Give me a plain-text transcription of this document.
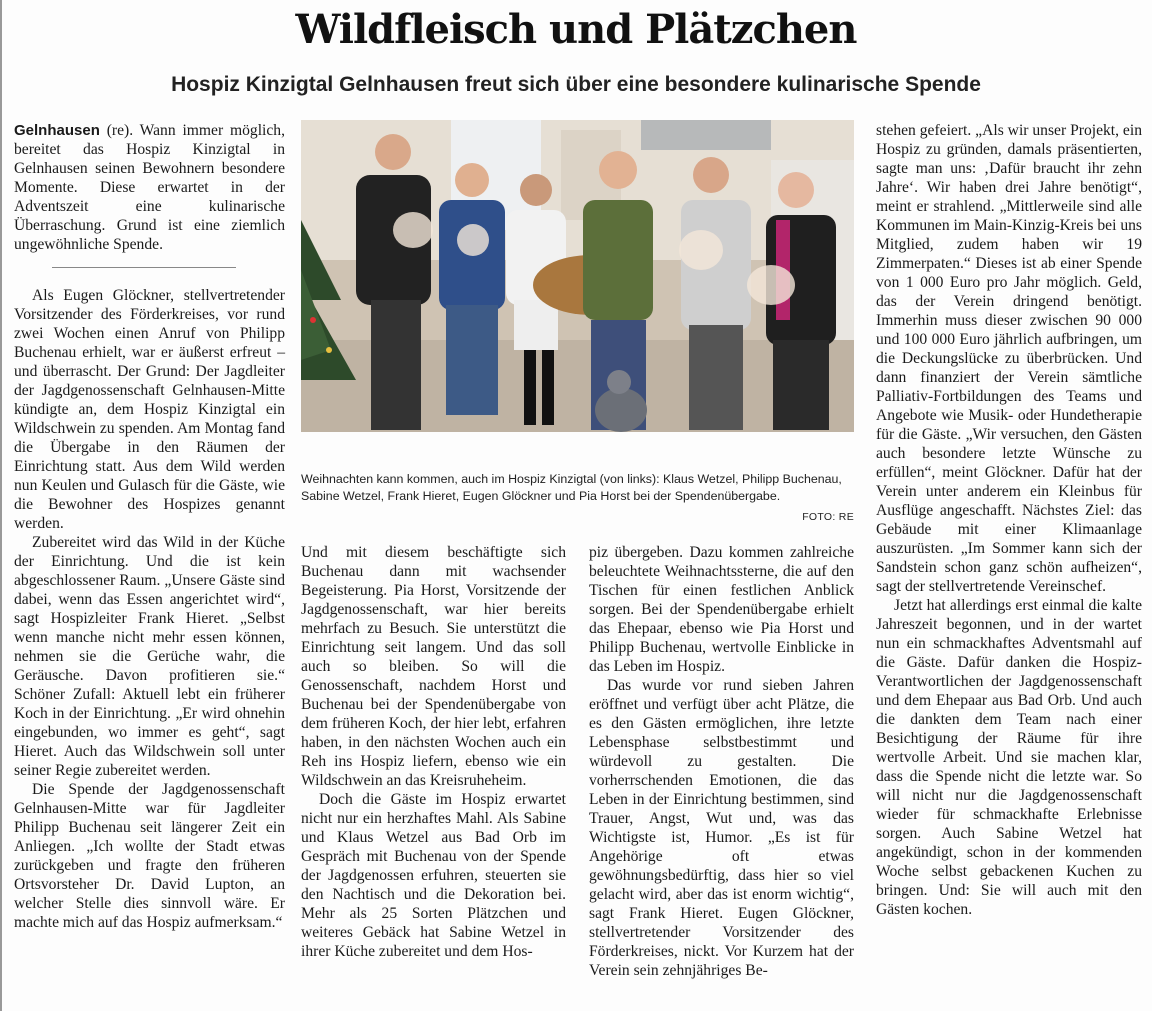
Wildfleisch und Plätzchen
Hospiz Kinzigtal Gelnhausen freut sich über eine besondere kulinarische Spende

Gelnhausen (re). Wann immer möglich, bereitet das Hospiz Kinzigtal in Gelnhausen seinen Bewohnern besondere Momente. Diese erwartet in der Adventszeit eine kulinarische Überraschung. Grund ist eine ziemlich ungewöhnliche Spende.

Als Eugen Glöckner, stellvertretender Vorsitzender des Förderkreises, vor rund zwei Wochen einen Anruf von Philipp Buchenau erhielt, war er äußerst erfreut – und überrascht. Der Grund: Der Jagdleiter der Jagdgenossenschaft Gelnhausen-Mitte kündigte an, dem Hospiz Kinzigtal ein Wildschwein zu spenden. Am Montag fand die Übergabe in den Räumen der Einrichtung statt. Aus dem Wild werden nun Keulen und Gulasch für die Gäste, wie die Bewohner des Hospizes genannt werden.

Zubereitet wird das Wild in der Küche der Einrichtung. Und die ist kein abgeschlossener Raum. „Unsere Gäste sind dabei, wenn das Essen angerichtet wird“, sagt Hospizleiter Frank Hieret. „Selbst wenn manche nicht mehr essen können, nehmen sie die Gerüche wahr, die Geräusche. Davon profitieren sie.“ Schöner Zufall: Aktuell lebt ein früherer Koch in der Einrichtung. „Er wird ohnehin eingebunden, wo immer es geht“, sagt Hieret. Auch das Wildschwein soll unter seiner Regie zubereitet werden.

Die Spende der Jagdgenossenschaft Gelnhausen-Mitte war für Jagdleiter Philipp Buchenau seit längerer Zeit ein Anliegen. „Ich wollte der Stadt etwas zurückgeben und fragte den früheren Ortsvorsteher Dr. David Lupton, an welcher Stelle dies sinnvoll wäre. Er machte mich auf das Hospiz aufmerksam.“

Weihnachten kann kommen, auch im Hospiz Kinzigtal (von links): Klaus Wetzel, Philipp Buchenau, Sabine Wetzel, Frank Hieret, Eugen Glöckner und Pia Horst bei der Spendenübergabe.
FOTO: RE

Und mit diesem beschäftigte sich Buchenau dann mit wachsender Begeisterung. Pia Horst, Vorsitzende der Jagdgenossenschaft, war hier bereits mehrfach zu Besuch. Sie unterstützt die Einrichtung seit langem. Und das soll auch so bleiben. So will die Genossenschaft, nachdem Horst und Buchenau bei der Spendenübergabe von dem früheren Koch, der hier lebt, erfahren haben, in den nächsten Wochen auch ein Reh ins Hospiz liefern, ebenso wie ein Wildschwein an das Kreisruheheim.

Doch die Gäste im Hospiz erwartet nicht nur ein herzhaftes Mahl. Als Sabine und Klaus Wetzel aus Bad Orb im Gespräch mit Buchenau von der Spende der Jagdgenossen erfuhren, steuerten sie den Nachtisch und die Dekoration bei. Mehr als 25 Sorten Plätzchen und weiteres Gebäck hat Sabine Wetzel in ihrer Küche zubereitet und dem Hos-

piz übergeben. Dazu kommen zahlreiche beleuchtete Weihnachtssterne, die auf den Tischen für einen festlichen Anblick sorgen. Bei der Spendenübergabe erhielt das Ehepaar, ebenso wie Pia Horst und Philipp Buchenau, wertvolle Einblicke in das Leben im Hospiz.

Das wurde vor rund sieben Jahren eröffnet und verfügt über acht Plätze, die es den Gästen ermöglichen, ihre letzte Lebensphase selbstbestimmt und würdevoll zu gestalten. Die vorherrschenden Emotionen, die das Leben in der Einrichtung bestimmen, sind Trauer, Angst, Wut und, was das Wichtigste ist, Humor. „Es ist für Angehörige oft etwas gewöhnungsbedürftig, dass hier so viel gelacht wird, aber das ist enorm wichtig“, sagt Frank Hieret. Eugen Glöckner, stellvertretender Vorsitzender des Förderkreises, nickt. Vor Kurzem hat der Verein sein zehnjähriges Be-

stehen gefeiert. „Als wir unser Projekt, ein Hospiz zu gründen, damals präsentierten, sagte man uns: ‚Dafür braucht ihr zehn Jahre‘. Wir haben drei Jahre benötigt“, meint er strahlend. „Mittlerweile sind alle Kommunen im Main-Kinzig-Kreis bei uns Mitglied, zudem haben wir 19 Zimmerpaten.“ Dieses ist ab einer Spende von 1 000 Euro pro Jahr möglich. Geld, das der Verein dringend benötigt. Immerhin muss dieser zwischen 90 000 und 100 000 Euro jährlich aufbringen, um die Deckungslücke zu überbrücken. Und dann finanziert der Verein sämtliche Palliativ-Fortbildungen des Teams und Angebote wie Musik- oder Hundetherapie für die Gäste. „Wir versuchen, den Gästen auch besondere letzte Wünsche zu erfüllen“, meint Glöckner. Dafür hat der Verein unter anderem ein Kleinbus für Ausflüge angeschafft. Nächstes Ziel: das Gebäude mit einer Klimaanlage auszurüsten. „Im Sommer kann sich der Sandstein schon ganz schön aufheizen“, sagt der stellvertretende Vereinschef.

Jetzt hat allerdings erst einmal die kalte Jahreszeit begonnen, und in der wartet nun ein schmackhaftes Adventsmahl auf die Gäste. Dafür danken die Hospiz-Verantwortlichen der Jagdgenossenschaft und dem Ehepaar aus Bad Orb. Und auch die dankten dem Team nach einer Besichtigung der Räume für ihre wertvolle Arbeit. Und sie machen klar, dass die Spende nicht die letzte war. So will nicht nur die Jagdgenossenschaft wieder für schmackhafte Erlebnisse sorgen. Auch Sabine Wetzel hat angekündigt, schon in der kommenden Woche selbst gebackenen Kuchen zu bringen. Und: Sie will auch mit den Gästen kochen.
